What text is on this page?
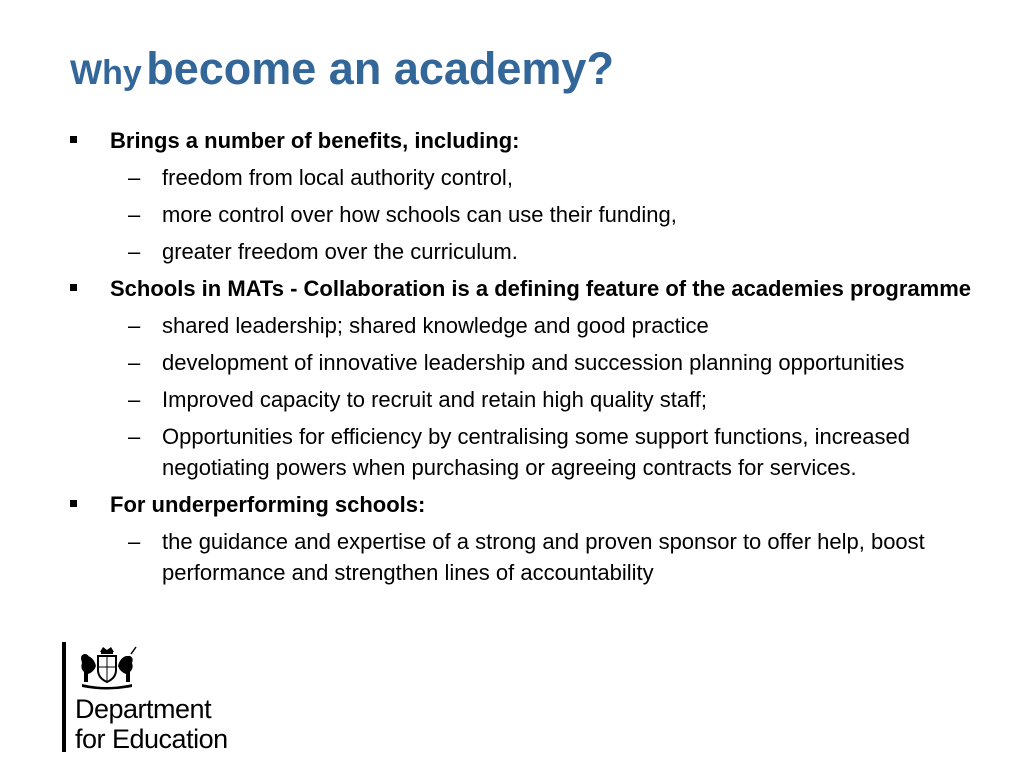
Why become an academy?
Brings a number of benefits, including:
– freedom from local authority control,
– more control over how schools can use their funding,
– greater freedom over the curriculum.
Schools in MATs - Collaboration is a defining feature of the academies programme
– shared leadership; shared knowledge and good practice
– development of innovative leadership and succession planning opportunities
– Improved capacity to recruit and retain high quality staff;
– Opportunities for efficiency by centralising some support functions, increased negotiating powers when purchasing or agreeing contracts for services.
For underperforming schools:
– the guidance and expertise of a strong and proven sponsor to offer help, boost performance and strengthen lines of accountability
Department
for Education
